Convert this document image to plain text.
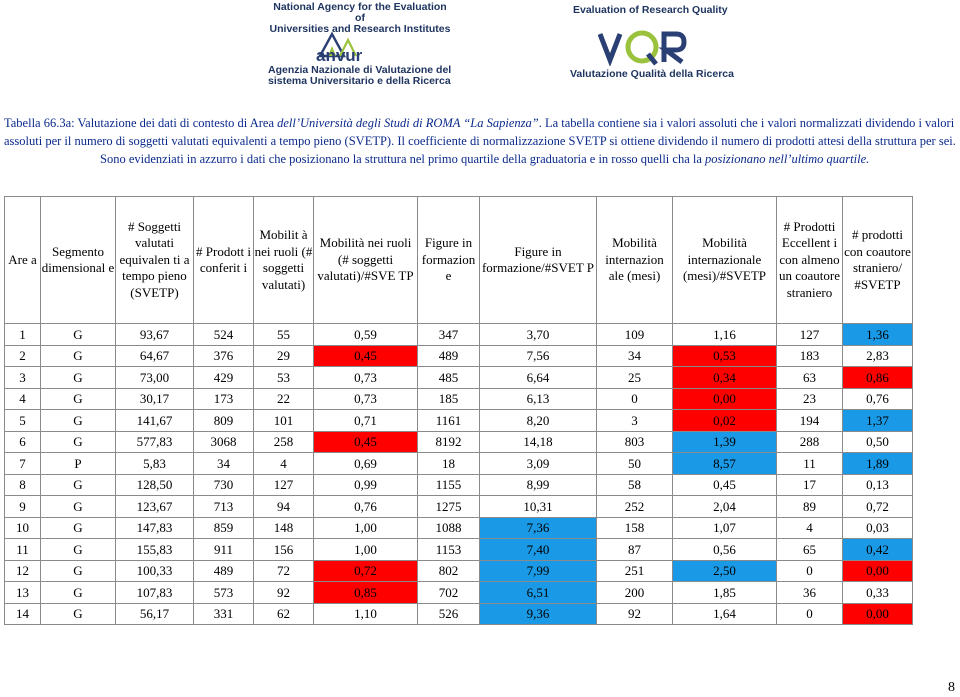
National Agency for the Evaluation of
Universities and Research Institutes
anvur
Agenzia Nazionale di Valutazione del
sistema Universitario e della Ricerca
Evaluation of Research Quality
Valutazione Qualità della Ricerca
Tabella 66.3a: Valutazione dei dati di contesto di Area dell’Università degli Studi di ROMA “La Sapienza”. La tabella contiene sia i valori assoluti che i valori normalizzati dividendo i valori
assoluti per il numero di soggetti valutati equivalenti a tempo pieno (SVETP). Il coefficiente di normalizzazione SVETP si ottiene dividendo il numero di prodotti attesi della struttura per sei.
Sono evidenziati in azzurro i dati che posizionano la struttura nel primo quartile della graduatoria e in rosso quelli cha la posizionano nell’ultimo quartile.
Are a	Segmento dimensional e	# Soggetti valutati equivalen ti a tempo pieno (SVETP)	# Prodott i conferit i	Mobilit à nei ruoli (# soggetti valutati)	Mobilità nei ruoli (# soggetti valutati)/#SVE TP	Figure in formazion e	Figure in formazione/#SVET P	Mobilità internazion ale (mesi)	Mobilità internazionale (mesi)/#SVETP	# Prodotti Eccellent i con almeno un coautore straniero	# prodotti con coautore straniero/ #SVETP
1	G	93,67	524	55	0,59	347	3,70	109	1,16	127	1,36
2	G	64,67	376	29	0,45	489	7,56	34	0,53	183	2,83
3	G	73,00	429	53	0,73	485	6,64	25	0,34	63	0,86
4	G	30,17	173	22	0,73	185	6,13	0	0,00	23	0,76
5	G	141,67	809	101	0,71	1161	8,20	3	0,02	194	1,37
6	G	577,83	3068	258	0,45	8192	14,18	803	1,39	288	0,50
7	P	5,83	34	4	0,69	18	3,09	50	8,57	11	1,89
8	G	128,50	730	127	0,99	1155	8,99	58	0,45	17	0,13
9	G	123,67	713	94	0,76	1275	10,31	252	2,04	89	0,72
10	G	147,83	859	148	1,00	1088	7,36	158	1,07	4	0,03
11	G	155,83	911	156	1,00	1153	7,40	87	0,56	65	0,42
12	G	100,33	489	72	0,72	802	7,99	251	2,50	0	0,00
13	G	107,83	573	92	0,85	702	6,51	200	1,85	36	0,33
14	G	56,17	331	62	1,10	526	9,36	92	1,64	0	0,00
8
